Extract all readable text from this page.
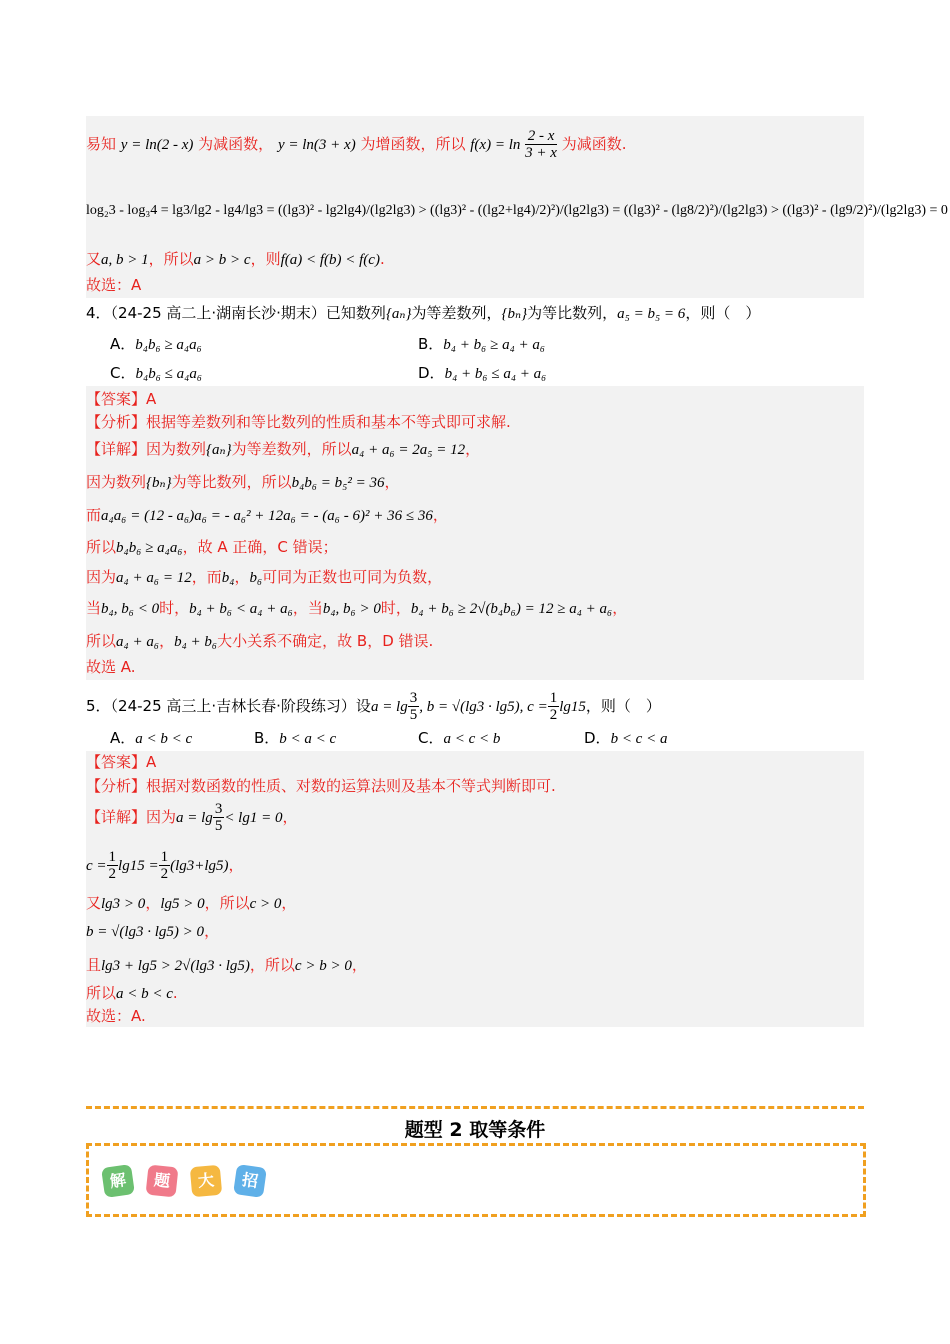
易知 y = ln(2 - x) 为减函数， y = ln(3 + x) 为增函数，所以 $f(x) = \ln \frac{2 - x}{3 + x}$ 为减函数.
log₂3 - log₃4 = lg3/lg2 - lg4/lg3 = ((lg3)² - lg2lg4)/(lg2lg3) > ((lg3)² - ((lg2+lg4)/2)²)/(lg2lg3) = ((lg3)² - (lg8/2)²)/(lg2lg3) > ((lg3)² - (lg9/2)²)/(lg2lg3) = 0
又a, b > 1，所以a > b > c，则f(a) < f(b) < f(c).
故选：A
4．（24-25 高二上·湖南长沙·期末）已知数列{aₙ}为等差数列，{bₙ}为等比数列，a₅ = b₅ = 6，则（　）
A．b₄b₆ ≥ a₄a₆	B．b₄ + b₆ ≥ a₄ + a₆
C．b₄b₆ ≤ a₄a₆	D．b₄ + b₆ ≤ a₄ + a₆
【答案】A
【分析】根据等差数列和等比数列的性质和基本不等式即可求解.
【详解】因为数列{aₙ}为等差数列，所以a₄ + a₆ = 2a₅ = 12，
因为数列{bₙ}为等比数列，所以b₄b₆ = b₅² = 36，
而a₄a₆ = (12 - a₆)a₆ = - a₆² + 12a₆ = - (a₆ - 6)² + 36 ≤ 36，
所以b₄b₆ ≥ a₄a₆，故 A 正确，C 错误；
因为a₄ + a₆ = 12，而b₄，b₆可同为正数也可同为负数，
当b₄, b₆ < 0时，b₄ + b₆ < a₄ + a₆，当b₄, b₆ > 0时，b₄ + b₆ ≥ 2√(b₄b₆) = 12 ≥ a₄ + a₆，
所以a₄ + a₆，b₄ + b₆大小关系不确定，故 B，D 错误.
故选 A.
5．（24-25 高三上·吉林长春·阶段练习）设$a = \lg \frac{3}{5}$ , b = √(lg3 · lg5), $c = \frac{1}{2} \lg 15$，则（　）
A．a < b < c	B．b < a < c	C．a < c < b	D．b < c < a
【答案】A
【分析】根据对数函数的性质、对数的运算法则及基本不等式判断即可.
【详解】因为$a = \lg \frac{3}{5} < \lg 1 = 0$，
$c = \frac{1}{2} \lg 15 = \frac{1}{2} (\lg 3+\lg 5)$，
又lg3 > 0，lg5 > 0，所以c > 0，
b = √(lg3 · lg5) > 0，
且lg3 + lg5 > 2√(lg3 · lg5)，所以c > b > 0，
所以a < b < c.
故选：A.
题型 2 取等条件
解	题	大	招
